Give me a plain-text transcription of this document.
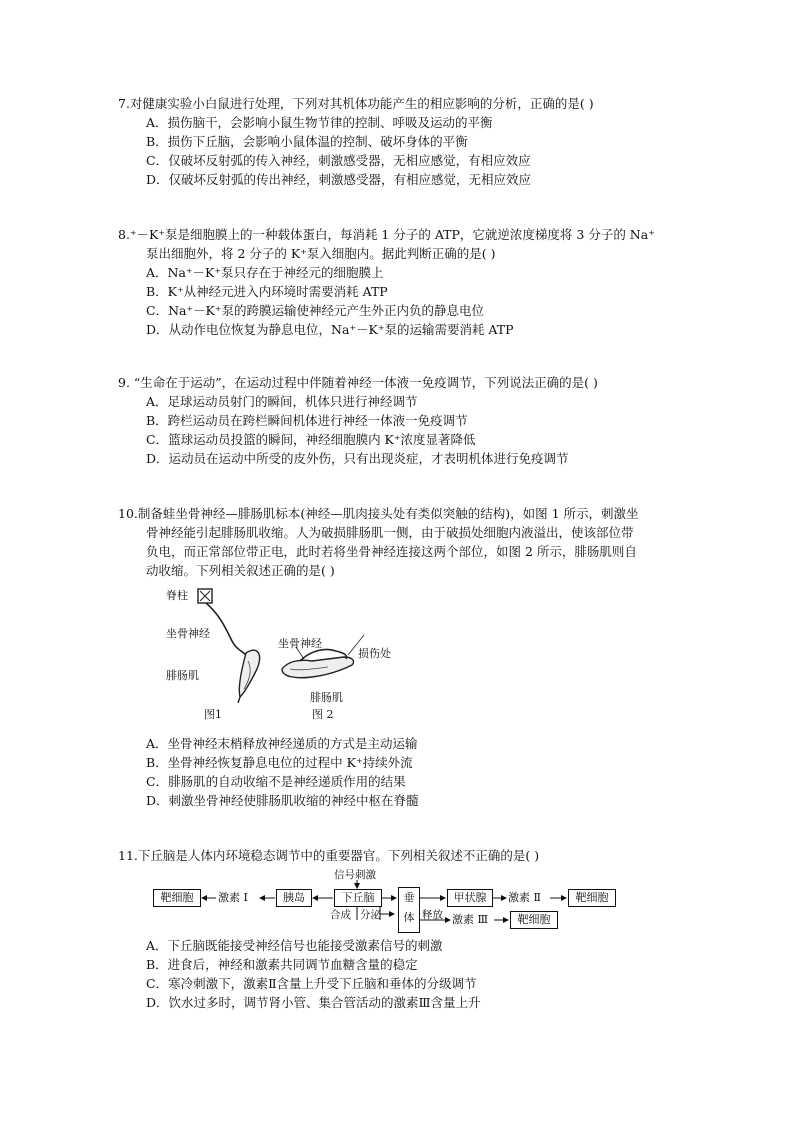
7.对健康实验小白鼠进行处理，下列对其机体功能产生的相应影响的分析，正确的是( )
A．损伤脑干，会影响小鼠生物节律的控制、呼吸及运动的平衡
B．损伤下丘脑，会影响小鼠体温的控制、破坏身体的平衡
C．仅破坏反射弧的传入神经，刺激感受器，无相应感觉，有相应效应
D．仅破坏反射弧的传出神经，刺激感受器，有相应感觉，无相应效应
8.⁺－K⁺泵是细胞膜上的一种载体蛋白，每消耗 1 分子的 ATP，它就逆浓度梯度将 3 分子的 Na⁺
泵出细胞外，将 2 分子的 K⁺泵入细胞内。据此判断正确的是( )
A．Na⁺－K⁺泵只存在于神经元的细胞膜上
B．K⁺从神经元进入内环境时需要消耗 ATP
C．Na⁺－K⁺泵的跨膜运输使神经元产生外正内负的静息电位
D．从动作电位恢复为静息电位，Na⁺－K⁺泵的运输需要消耗 ATP
9. “生命在于运动”，在运动过程中伴随着神经一体液一免疫调节，下列说法正确的是( )
A．足球运动员射门的瞬间，机体只进行神经调节
B．跨栏运动员在跨栏瞬间机体进行神经一体液一免疫调节
C．篮球运动员投篮的瞬间，神经细胞膜内 K⁺浓度显著降低
D．运动员在运动中所受的皮外伤，只有出现炎症，才表明机体进行免疫调节
10.制备蛙坐骨神经—腓肠肌标本(神经—肌肉接头处有类似突触的结构)，如图 1 所示，刺激坐
骨神经能引起腓肠肌收缩。人为破损腓肠肌一侧，由于破损处细胞内液溢出，使该部位带
负电，而正常部位带正电，此时若将坐骨神经连接这两个部位，如图 2 所示，腓肠肌则自
动收缩。下列相关叙述正确的是( )
脊柱
坐骨神经
腓肠肌
图1
坐骨神经
损伤处
腓肠肌
图 2
A．坐骨神经末梢释放神经递质的方式是主动运输
B．坐骨神经恢复静息电位的过程中 K⁺持续外流
C．腓肠肌的自动收缩不是神经递质作用的结果
D．刺激坐骨神经使腓肠肌收缩的神经中枢在脊髓
11.下丘脑是人体内环境稳态调节中的重要器官。下列相关叙述不正确的是( )
信号刺激
靶细胞	激素 Ⅰ	胰岛	下丘脑
合成 分泌
垂
体 释放
甲状腺	激素 Ⅱ	靶细胞
激素 Ⅲ	靶细胞
A．下丘脑既能接受神经信号也能接受激素信号的刺激
B．进食后，神经和激素共同调节血糖含量的稳定
C．寒冷刺激下，激素Ⅱ含量上升受下丘脑和垂体的分级调节
D．饮水过多时，调节肾小管、集合管活动的激素Ⅲ含量上升
